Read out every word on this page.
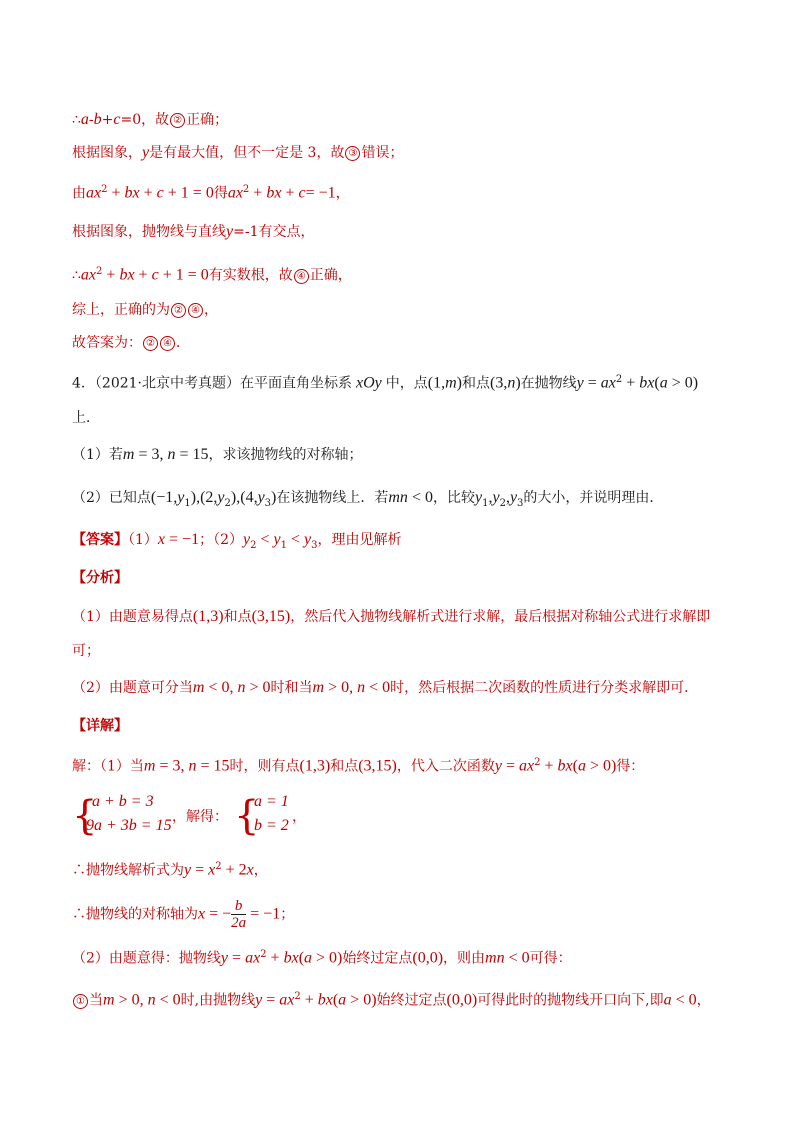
∴a-b+c=0，故 ② 正确；
根据图象，y是有最大值，但不一定是 3，故 ③ 错误；
由$ax^2$ + bx + c + 1 = 0得$ax^2$ + bx + c= −1，
根据图象，抛物线与直线y=-1有交点，
$\therefore ax^2$ + bx + c + 1 = 0有实数根，故 ④ 正确，
综上，正确的为 ② ④ ，
故答案为： ② ④ ．
4．（2021·北京中考真题）在平面直角坐标系 xOy 中，点(1,m)和点(3,n)在抛物线$y = ax^2 + bx(a > 0)$
上．
（1）若m = 3, n = 15，求该抛物线的对称轴；
（2）已知点$(-1,y_1),(2,y_2),(4,y_3)$在该抛物线上．若mn < 0，比较$y_1,y_2,y_3$的大小，并说明理由．
【答案】（1）x = −1；$(2)y_2 < y_1 < y_3$，理由见解析
【分析】
（1）由题意易得点(1,3)和点(3,15)，然后代入抛物线解析式进行求解，最后根据对称轴公式进行求解即
可；
（2）由题意可分当m < 0, n > 0时和当m > 0, n < 0时，然后根据二次函数的性质进行分类求解即可．
【详解】
解：（1）当m = 3, n = 15时，则有点(1,3)和点(3,15)，代入二次函数$y = ax^2 + bx(a > 0)$得：
{
a + b = 3
9a + 3b = 15 ，解得： {
a = 1
b = 2 ，
∴抛物线解析式为$y = x^2 + 2x$，
∴抛物线的对称轴为x = − $\frac{b}{2a} = -1$；
（2）由题意得：抛物线$y = ax^2 + bx(a > 0)$始终过定点(0,0)，则由mn < 0可得：
① 当m > 0, n < 0时,由抛物线$y = ax^2 + bx(a > 0)$始终过定点(0,0)可得此时的抛物线开口向下,即a < 0，
